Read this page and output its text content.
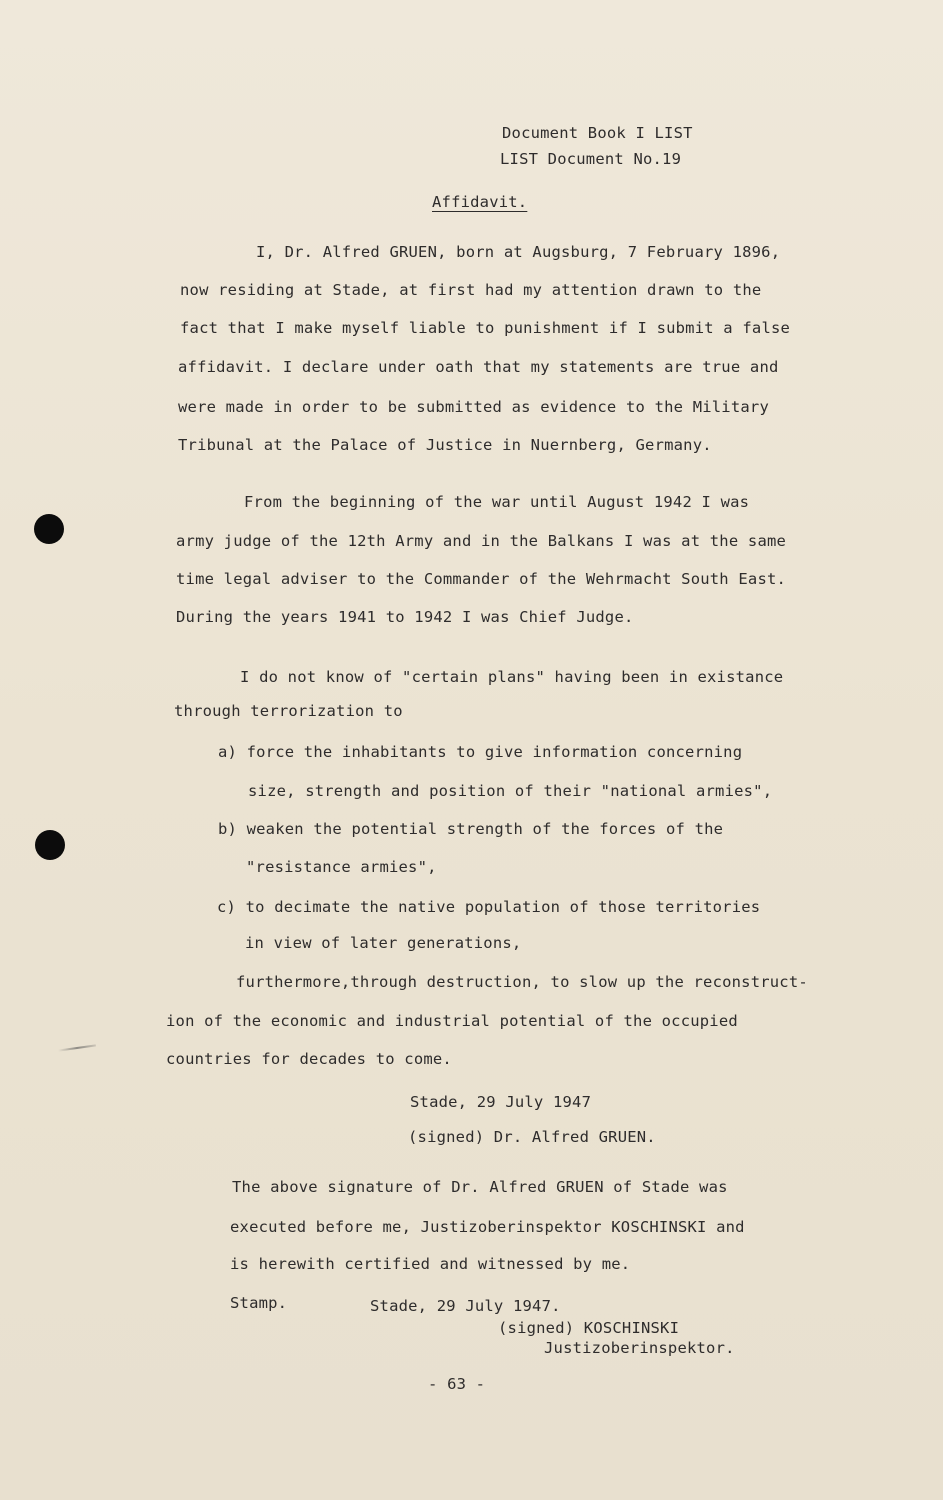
Document Book I LIST
LIST Document No.19
Affidavit.
I, Dr. Alfred GRUEN, born at Augsburg, 7 February 1896,
now residing at Stade, at first had my attention drawn to the
fact that I make myself liable to punishment if I submit a false
affidavit. I declare under oath that my statements are true and
were made in order to be submitted as evidence to the Military
Tribunal at the Palace of Justice in Nuernberg, Germany.
From the beginning of the war until August 1942 I was
army judge of the 12th Army and in the Balkans I was at the same
time legal adviser to the Commander of the Wehrmacht South East.
During the years 1941 to 1942 I was Chief Judge.
I do not know of "certain plans" having been in existance
through terrorization to
a) force the inhabitants to give information concerning
size, strength and position of their "national armies",
b) weaken the potential strength of the forces of the
"resistance armies",
c) to decimate the native population of those territories
in view of later generations,
furthermore,through destruction, to slow up the reconstruct-
ion of the economic and industrial potential of the occupied
countries for decades to come.
Stade, 29 July 1947
(signed) Dr. Alfred GRUEN.
The above signature of Dr. Alfred GRUEN of Stade was
executed before me, Justizoberinspektor KOSCHINSKI and
is herewith certified and witnessed by me.
Stamp.	Stade, 29 July 1947.
(signed) KOSCHINSKI
Justizoberinspektor.
- 63 -
